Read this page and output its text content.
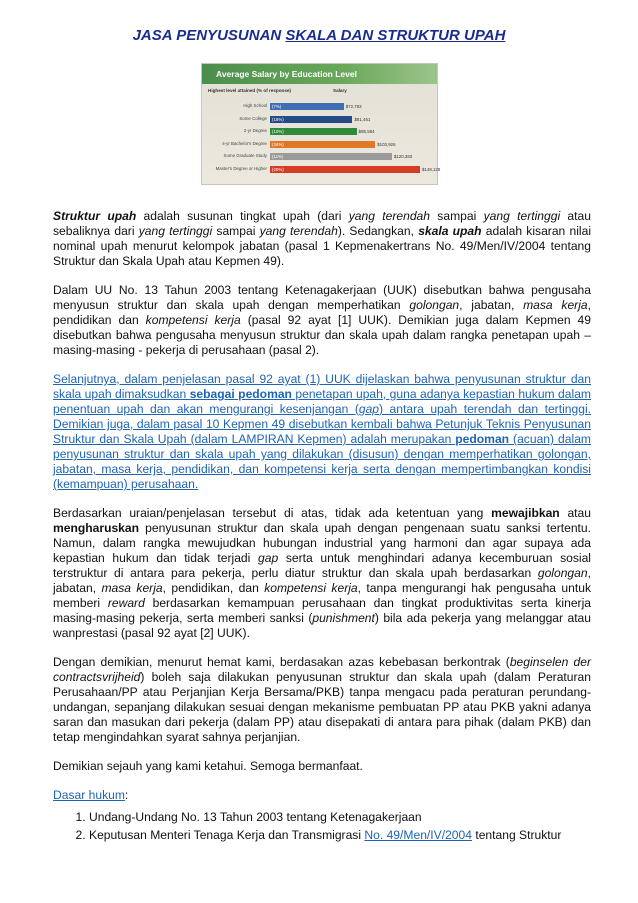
JASA PENYUSUNAN SKALA DAN STRUKTUR UPAH
Average Salary by Education Level
Highest level attained (% of response)	Salary
High School (7%)	$72,783
Some College (18%)	$81,461
2-yr Degree (10%)	$85,584
4-yr Bachelor's Degree (34%)	$103,926
Some Graduate Study (11%)	$120,383
Master's Degree or Higher (20%)	$148,128

Struktur upah adalah susunan tingkat upah (dari yang terendah sampai yang tertinggi atau sebaliknya dari yang tertinggi sampai yang terendah). Sedangkan, skala upah adalah kisaran nilai nominal upah menurut kelompok jabatan (pasal 1 Kepmenakertrans No. 49/Men/IV/2004 tentang Struktur dan Skala Upah atau Kepmen 49).

Dalam UU No. 13 Tahun 2003 tentang Ketenagakerjaan (UUK) disebutkan bahwa pengusaha menyusun struktur dan skala upah dengan memperhatikan golongan, jabatan, masa kerja, pendidikan dan kompetensi kerja (pasal 92 ayat [1] UUK). Demikian juga dalam Kepmen 49 disebutkan bahwa pengusaha menyusun struktur dan skala upah dalam rangka penetapan upah – masing-masing - pekerja di perusahaan (pasal 2).

Selanjutnya, dalam penjelasan pasal 92 ayat (1) UUK dijelaskan bahwa penyusunan struktur dan skala upah dimaksudkan sebagai pedoman penetapan upah, guna adanya kepastian hukum dalam penentuan upah dan akan mengurangi kesenjangan (gap) antara upah terendah dan tertinggi. Demikian juga, dalam pasal 10 Kepmen 49 disebutkan kembali bahwa Petunjuk Teknis Penyusunan Struktur dan Skala Upah (dalam LAMPIRAN Kepmen) adalah merupakan pedoman (acuan) dalam penyusunan struktur dan skala upah yang dilakukan (disusun) dengan memperhatikan golongan, jabatan, masa kerja, pendidikan, dan kompetensi kerja serta dengan mempertimbangkan kondisi (kemampuan) perusahaan.

Berdasarkan uraian/penjelasan tersebut di atas, tidak ada ketentuan yang mewajibkan atau mengharuskan penyusunan struktur dan skala upah dengan pengenaan suatu sanksi tertentu. Namun, dalam rangka mewujudkan hubungan industrial yang harmoni dan agar supaya ada kepastian hukum dan tidak terjadi gap serta untuk menghindari adanya kecemburuan sosial terstruktur di antara para pekerja, perlu diatur struktur dan skala upah berdasarkan golongan, jabatan, masa kerja, pendidikan, dan kompetensi kerja, tanpa mengurangi hak pengusaha untuk memberi reward berdasarkan kemampuan perusahaan dan tingkat produktivitas serta kinerja masing-masing pekerja, serta memberi sanksi (punishment) bila ada pekerja yang melanggar atau wanprestasi (pasal 92 ayat [2] UUK).

Dengan demikian, menurut hemat kami, berdasakan azas kebebasan berkontrak (beginselen der contractsvrijheid) boleh saja dilakukan penyusunan struktur dan skala upah (dalam Peraturan Perusahaan/PP atau Perjanjian Kerja Bersama/PKB) tanpa mengacu pada peraturan perundang-undangan, sepanjang dilakukan sesuai dengan mekanisme pembuatan PP atau PKB yakni adanya saran dan masukan dari pekerja (dalam PP) atau disepakati di antara para pihak (dalam PKB) dan tetap mengindahkan syarat sahnya perjanjian.

Demikian sejauh yang kami ketahui. Semoga bermanfaat.

Dasar hukum:
1. Undang-Undang No. 13 Tahun 2003 tentang Ketenagakerjaan
2. Keputusan Menteri Tenaga Kerja dan Transmigrasi No. 49/Men/IV/2004 tentang Struktur
